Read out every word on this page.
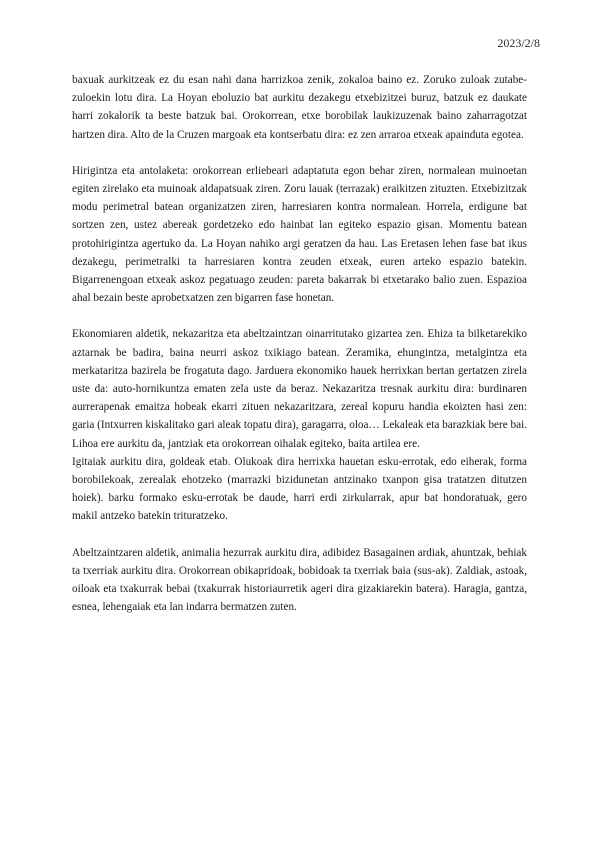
2023/2/8

baxuak aurkitzeak ez du esan nahi dana harrizkoa zenik, zokaloa baino ez. Zoruko zuloak zutabe-zuloekin lotu dira. La Hoyan eboluzio bat aurkitu dezakegu etxebizitzei buruz, batzuk ez daukate harri zokalorik ta beste batzuk bai. Orokorrean, etxe borobilak laukizuzenak baino zaharragotzat hartzen dira. Alto de la Cruzen margoak eta kontserbatu dira: ez zen arraroa etxeak apainduta egotea.

Hirigintza eta antolaketa: orokorrean erliebeari adaptatuta egon behar ziren, normalean muinoetan egiten zirelako eta muinoak aldapatsuak ziren. Zoru lauak (terrazak) eraikitzen zituzten. Etxebizitzak modu perimetral batean organizatzen ziren, harresiaren kontra normalean. Horrela, erdigune bat sortzen zen, ustez abereak gordetzeko edo hainbat lan egiteko espazio gisan. Momentu batean protohirigintza agertuko da. La Hoyan nahiko argi geratzen da hau. Las Eretasen lehen fase bat ikus dezakegu, perimetralki ta harresiaren kontra zeuden etxeak, euren arteko espazio batekin. Bigarrenengoan etxeak askoz pegatuago zeuden: pareta bakarrak bi etxetarako balio zuen. Espazioa ahal bezain beste aprobetxatzen zen bigarren fase honetan.

Ekonomiaren aldetik, nekazaritza eta abeltzaintzan oinarritutako gizartea zen. Ehiza ta bilketarekiko aztarnak be badira, baina neurri askoz txikiago batean. Zeramika, ehungintza, metalgintza eta merkataritza bazirela be frogatuta dago. Jarduera ekonomiko hauek herrixkan bertan gertatzen zirela uste da: auto-hornikuntza ematen zela uste da beraz. Nekazaritza tresnak aurkitu dira: burdinaren aurrerapenak emaitza hobeak ekarri zituen nekazaritzara, zereal kopuru handia ekoizten hasi zen: garia (Intxurren kiskalitako gari aleak topatu dira), garagarra, oloa… Lekaleak eta barazkiak bere bai. Lihoa ere aurkitu da, jantziak eta orokorrean oihalak egiteko, baita artilea ere.

Igitaiak aurkitu dira, goldeak etab. Olukoak dira herrixka hauetan esku-errotak, edo eiherak, forma borobilekoak, zerealak ehotzeko (marrazki bizidunetan antzinako txanpon gisa tratatzen ditutzen hoiek). barku formako esku-errotak be daude, harri erdi zirkularrak, apur bat hondoratuak, gero makil antzeko batekin trituratzeko.

Abeltzaintzaren aldetik, animalia hezurrak aurkitu dira, adibidez Basagainen ardiak, ahuntzak, behiak ta txerriak aurkitu dira. Orokorrean obikapridoak, bobidoak ta txerriak baia (sus-ak). Zaldiak, astoak, oiloak eta txakurrak bebai (txakurrak historiaurretik ageri dira gizakiarekin batera). Haragia, gantza, esnea, lehengaiak eta lan indarra bermatzen zuten.
